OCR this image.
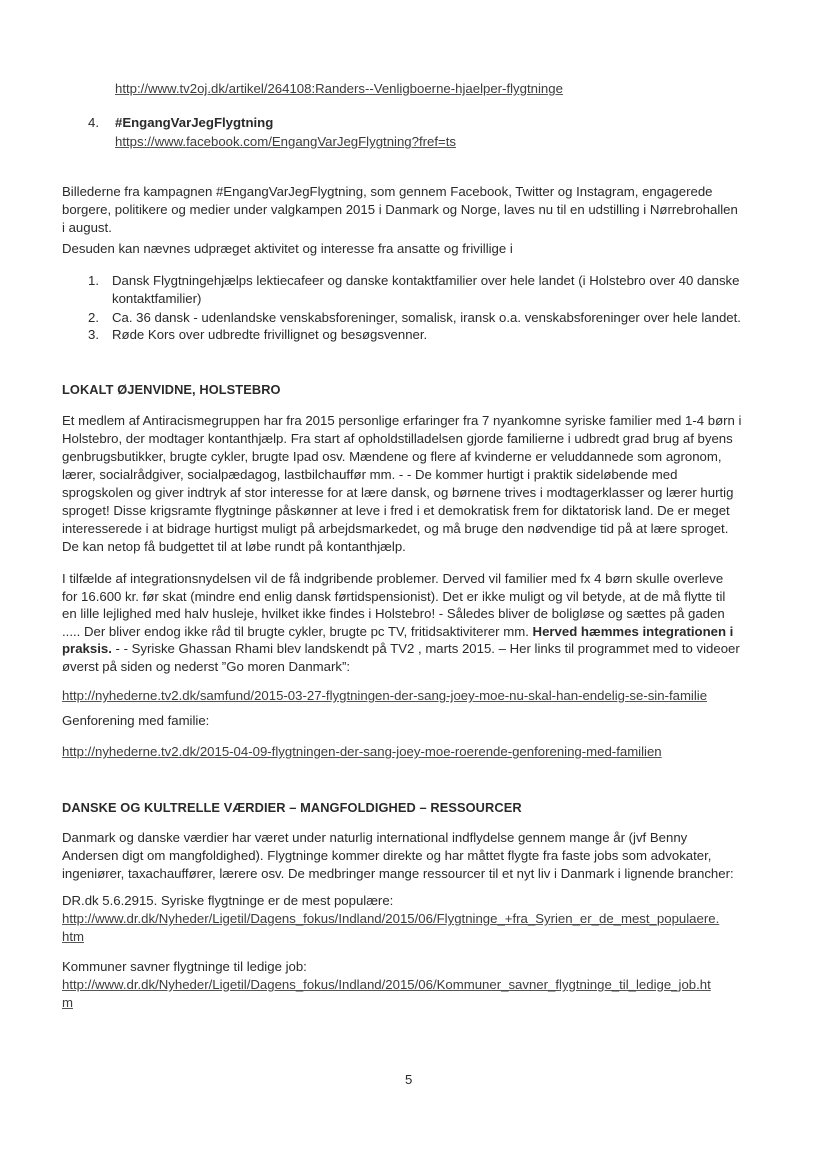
http://www.tv2oj.dk/artikel/264108:Randers--Venligboerne-hjaelper-flygtninge
4. #EngangVarJegFlygtning
https://www.facebook.com/EngangVarJegFlygtning?fref=ts
Billederne fra kampagnen #EngangVarJegFlygtning, som gennem Facebook, Twitter og Instagram, engagerede
borgere, politikere og medier under valgkampen 2015 i Danmark og Norge, laves nu til en udstilling i Nørrebrohallen
i august.
Desuden kan nævnes udpræget aktivitet og interesse fra ansatte og frivillige i
1. Dansk Flygtningehjælps lektiecafeer og danske kontaktfamilier over hele landet (i Holstebro over 40 danske
kontaktfamilier)
2. Ca. 36 dansk - udenlandske venskabsforeninger, somalisk, iransk o.a. venskabsforeninger over hele landet.
3. Røde Kors over udbredte frivillignet og besøgsvenner.
LOKALT ØJENVIDNE, HOLSTEBRO
Et medlem af Antiracismegruppen har fra 2015 personlige erfaringer fra 7 nyankomne syriske familier med 1-4 børn i
Holstebro, der modtager kontanthjælp. Fra start af opholdstilladelsen gjorde familierne i udbredt grad brug af byens
genbrugsbutikker, brugte cykler, brugte Ipad osv. Mændene og flere af kvinderne er veluddannede som agronom,
lærer, socialrådgiver, socialpædagog, lastbilchauffør mm. - - De kommer hurtigt i praktik sideløbende med
sprogskolen og giver indtryk af stor interesse for at lære dansk, og børnene trives i modtagerklasser og lærer hurtig
sproget! Disse krigsramte flygtninge påskønner at leve i fred i et demokratisk frem for diktatorisk land. De er meget
interesserede i at bidrage hurtigst muligt på arbejdsmarkedet, og må bruge den nødvendige tid på at lære sproget.
De kan netop få budgettet til at løbe rundt på kontanthjælp.
I tilfælde af integrationsnydelsen vil de få indgribende problemer. Derved vil familier med fx 4 børn skulle overleve
for 16.600 kr. før skat (mindre end enlig dansk førtidspensionist). Det er ikke muligt og vil betyde, at de må flytte til
en lille lejlighed med halv husleje, hvilket ikke findes i Holstebro! - Således bliver de boligløse og sættes på gaden
..... Der bliver endog ikke råd til brugte cykler, brugte pc TV, fritidsaktiviterer mm. Herved hæmmes integrationen i
praksis. - - Syriske Ghassan Rhami blev landskendt på TV2 , marts 2015. – Her links til programmet med to videoer
øverst på siden og nederst ”Go moren Danmark”:
http://nyhederne.tv2.dk/samfund/2015-03-27-flygtningen-der-sang-joey-moe-nu-skal-han-endelig-se-sin-familie
Genforening med familie:
http://nyhederne.tv2.dk/2015-04-09-flygtningen-der-sang-joey-moe-roerende-genforening-med-familien
DANSKE OG KULTRELLE VÆRDIER – MANGFOLDIGHED – RESSOURCER
Danmark og danske værdier har været under naturlig international indflydelse gennem mange år (jvf Benny
Andersen digt om mangfoldighed). Flygtninge kommer direkte og har måttet flygte fra faste jobs som advokater,
ingeniører, taxachauffører, lærere osv. De medbringer mange ressourcer til et nyt liv i Danmark i lignende brancher:
DR.dk 5.6.2915. Syriske flygtninge er de mest populære:
http://www.dr.dk/Nyheder/Ligetil/Dagens_fokus/Indland/2015/06/Flygtninge_+fra_Syrien_er_de_mest_populaere.
htm
Kommuner savner flygtninge til ledige job:
http://www.dr.dk/Nyheder/Ligetil/Dagens_fokus/Indland/2015/06/Kommuner_savner_flygtninge_til_ledige_job.ht
m
5
